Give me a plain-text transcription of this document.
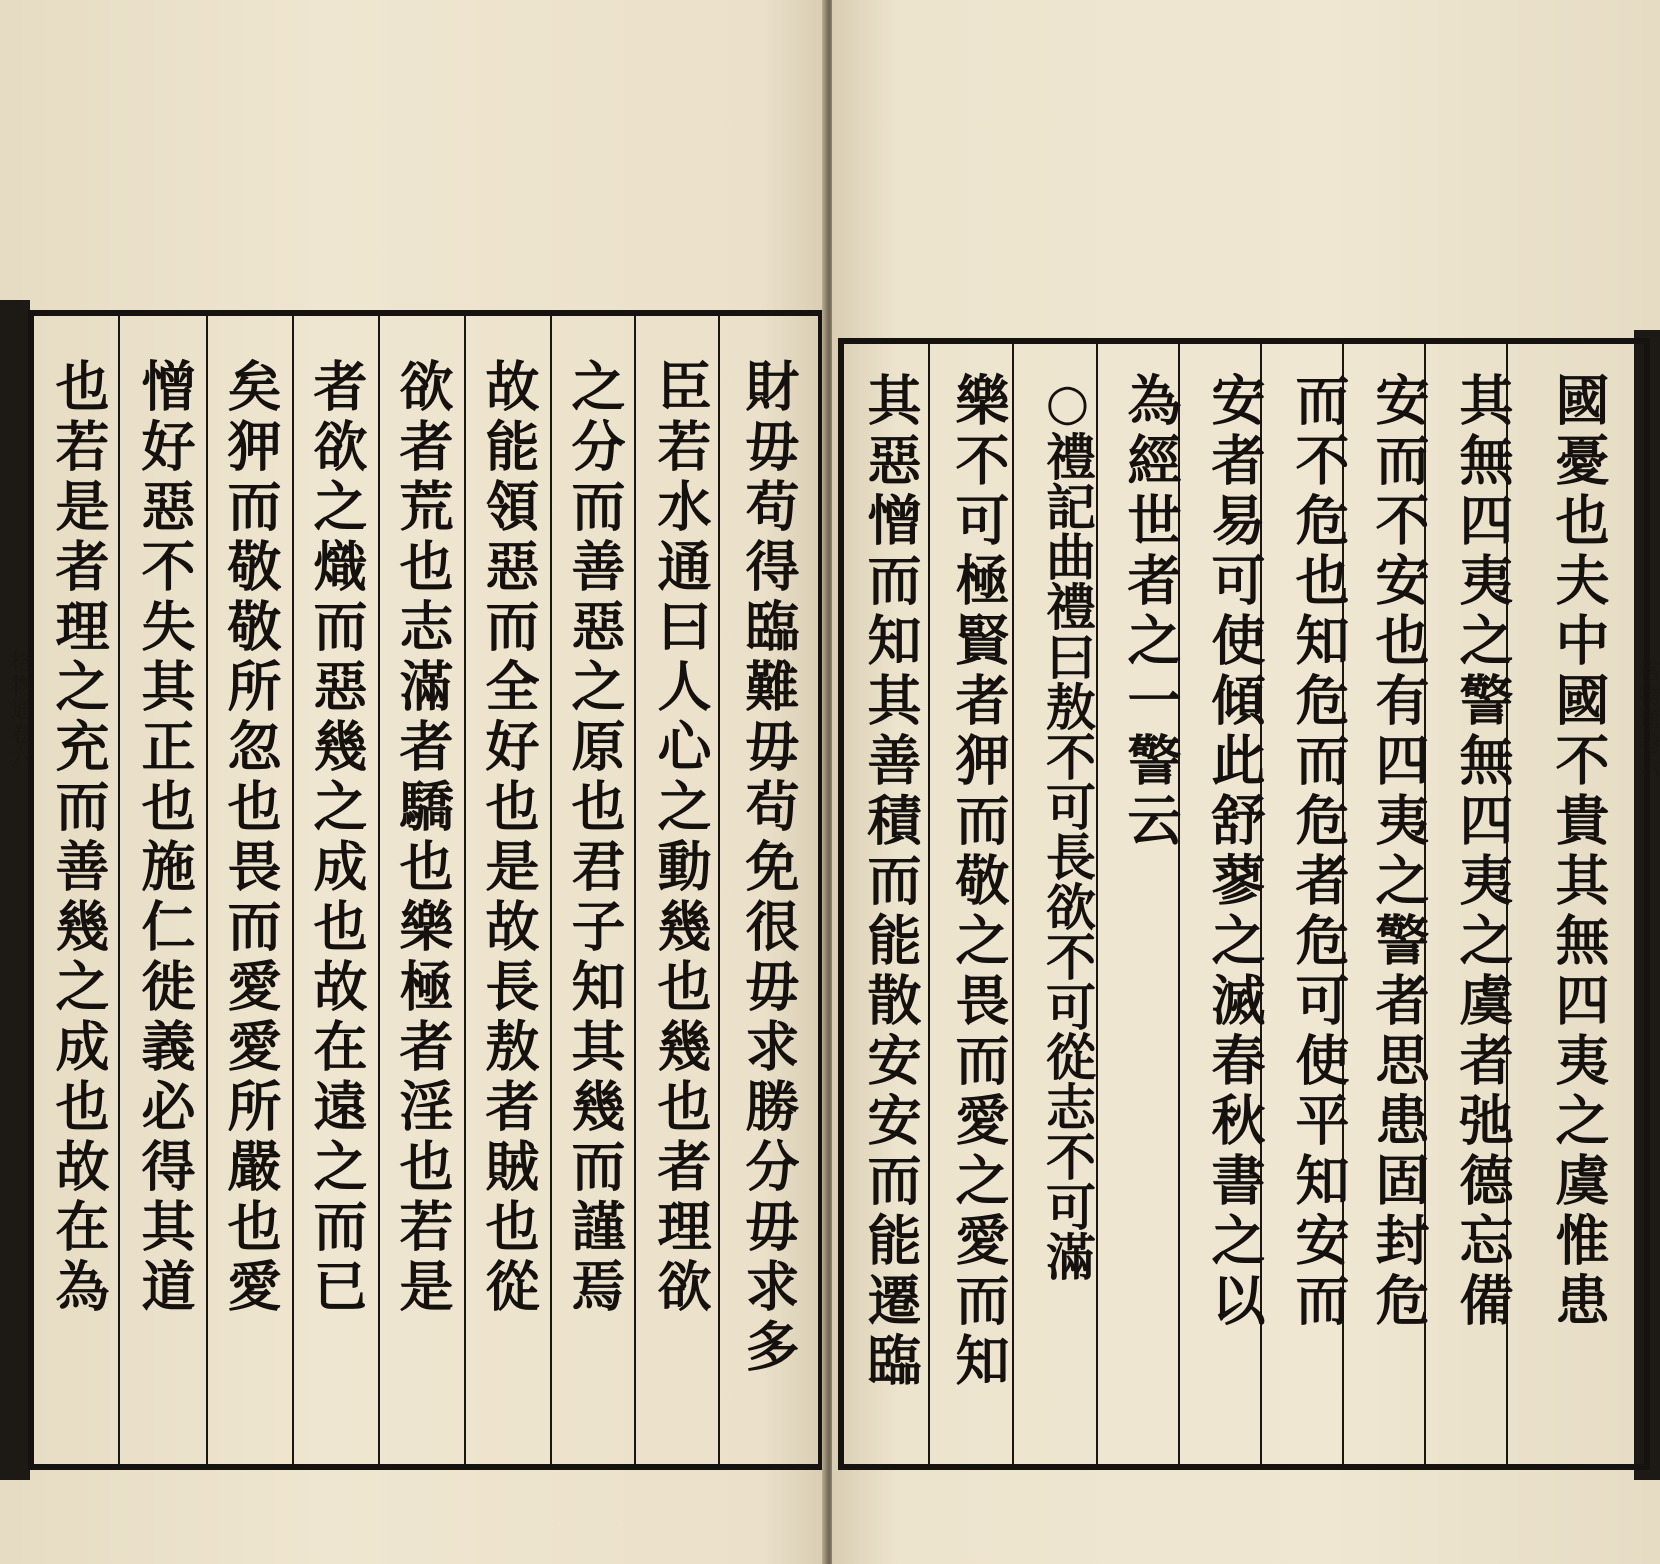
格物通卷六	財毋苟得臨難毋茍免很毋求勝分毋求多
臣若水通曰人心之動幾也幾也者理欲
之分而善惡之原也君子知其幾而謹焉
故能領惡而全好也是故長敖者賊也從
欲者荒也志滿者驕也樂極者淫也若是
者欲之熾而惡幾之成也故在遠之而已
矣狎而敬敬所忽也畏而愛愛所嚴也愛
憎好惡不失其正也施仁徙義必得其道
也若是者理之充而善幾之成也故在為	格物通卷六
國憂也夫中國不貴其無四夷之虞惟患
其無四夷之警無四夷之虞者弛德忘備
安而不安也有四夷之警者思患固封危
而不危也知危而危者危可使平知安而
安者易可使傾此舒蓼之滅春秋書之以
為經世者之一警云
○禮記曲禮曰敖不可長欲不可從志不可滿
樂不可極賢者狎而敬之畏而愛之愛而知
其惡憎而知其善積而能散安安而能遷臨
